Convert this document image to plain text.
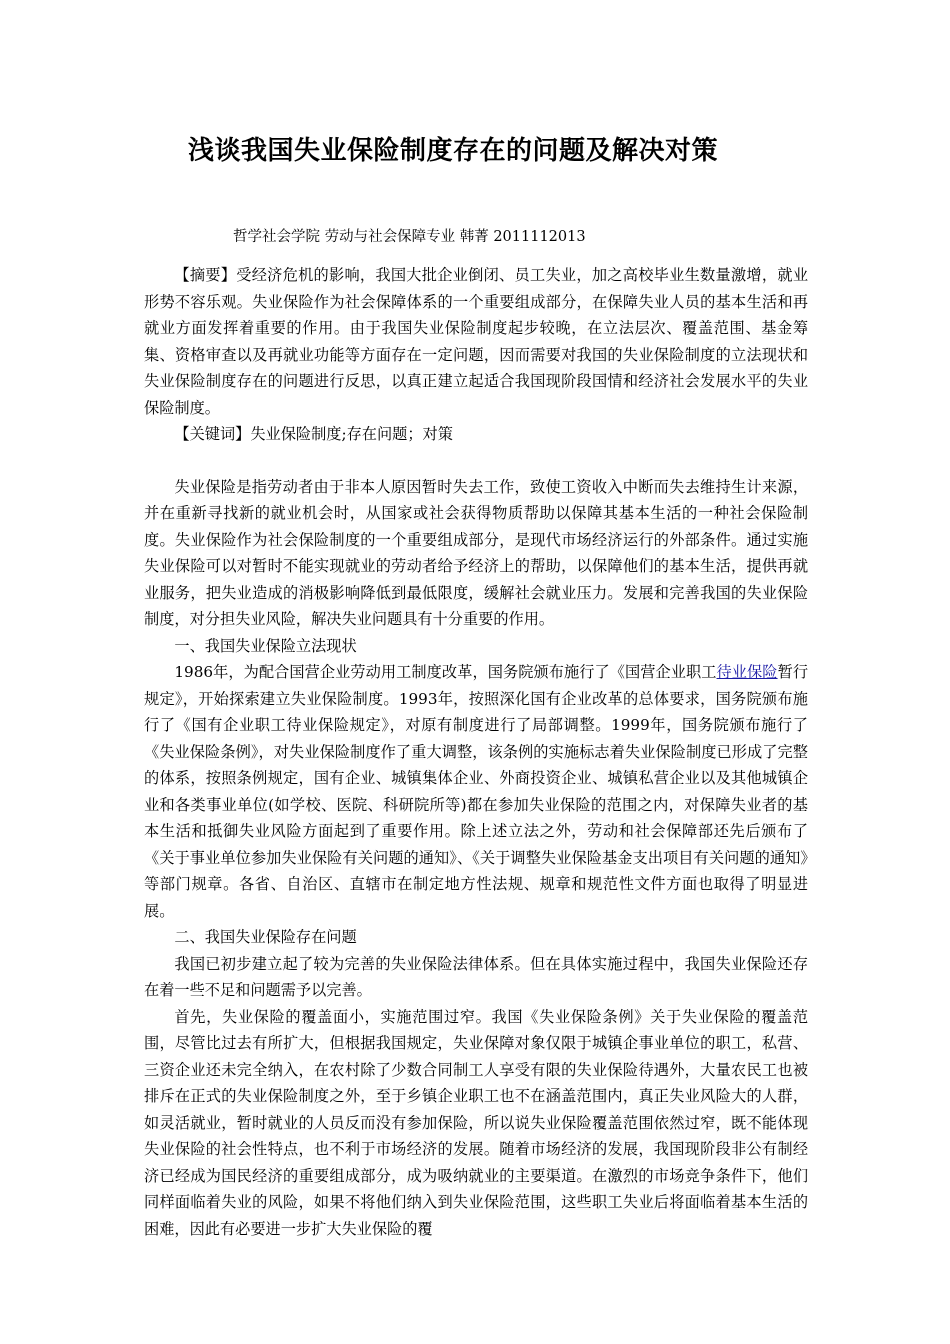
浅谈我国失业保险制度存在的问题及解决对策
哲学社会学院 劳动与社会保障专业 韩菁 2011112013

【摘要】受经济危机的影响，我国大批企业倒闭、员工失业，加之高校毕业生数量激增，就业形势不容乐观。失业保险作为社会保障体系的一个重要组成部分，在保障失业人员的基本生活和再就业方面发挥着重要的作用。由于我国失业保险制度起步较晚，在立法层次、覆盖范围、基金筹集、资格审查以及再就业功能等方面存在一定问题，因而需要对我国的失业保险制度的立法现状和失业保险制度存在的问题进行反思，以真正建立起适合我国现阶段国情和经济社会发展水平的失业保险制度。

【关键词】失业保险制度;存在问题；对策

失业保险是指劳动者由于非本人原因暂时失去工作，致使工资收入中断而失去维持生计来源，并在重新寻找新的就业机会时，从国家或社会获得物质帮助以保障其基本生活的一种社会保险制度。失业保险作为社会保险制度的一个重要组成部分，是现代市场经济运行的外部条件。通过实施失业保险可以对暂时不能实现就业的劳动者给予经济上的帮助，以保障他们的基本生活，提供再就业服务，把失业造成的消极影响降低到最低限度，缓解社会就业压力。发展和完善我国的失业保险制度，对分担失业风险，解决失业问题具有十分重要的作用。

一、我国失业保险立法现状

1986年，为配合国营企业劳动用工制度改革，国务院颁布施行了《国营企业职工待业保险暂行规定》，开始探索建立失业保险制度。1993年，按照深化国有企业改革的总体要求，国务院颁布施行了《国有企业职工待业保险规定》，对原有制度进行了局部调整。1999年，国务院颁布施行了《失业保险条例》，对失业保险制度作了重大调整，该条例的实施标志着失业保险制度已形成了完整的体系，按照条例规定，国有企业、城镇集体企业、外商投资企业、城镇私营企业以及其他城镇企业和各类事业单位(如学校、医院、科研院所等)都在参加失业保险的范围之内，对保障失业者的基本生活和抵御失业风险方面起到了重要作用。除上述立法之外，劳动和社会保障部还先后颁布了《关于事业单位参加失业保险有关问题的通知》、《关于调整失业保险基金支出项目有关问题的通知》等部门规章。各省、自治区、直辖市在制定地方性法规、规章和规范性文件方面也取得了明显进展。

二、我国失业保险存在问题

我国已初步建立起了较为完善的失业保险法律体系。但在具体实施过程中，我国失业保险还存在着一些不足和问题需予以完善。

首先，失业保险的覆盖面小，实施范围过窄。我国《失业保险条例》关于失业保险的覆盖范围，尽管比过去有所扩大，但根据我国规定，失业保障对象仅限于城镇企事业单位的职工，私营、三资企业还未完全纳入，在农村除了少数合同制工人享受有限的失业保险待遇外，大量农民工也被排斥在正式的失业保险制度之外，至于乡镇企业职工也不在涵盖范围内，真正失业风险大的人群，如灵活就业，暂时就业的人员反而没有参加保险，所以说失业保险覆盖范围依然过窄，既不能体现失业保险的社会性特点，也不利于市场经济的发展。随着市场经济的发展，我国现阶段非公有制经济已经成为国民经济的重要组成部分，成为吸纳就业的主要渠道。在激烈的市场竞争条件下，他们同样面临着失业的风险，如果不将他们纳入到失业保险范围，这些职工失业后将面临着基本生活的困难，因此有必要进一步扩大失业保险的覆
